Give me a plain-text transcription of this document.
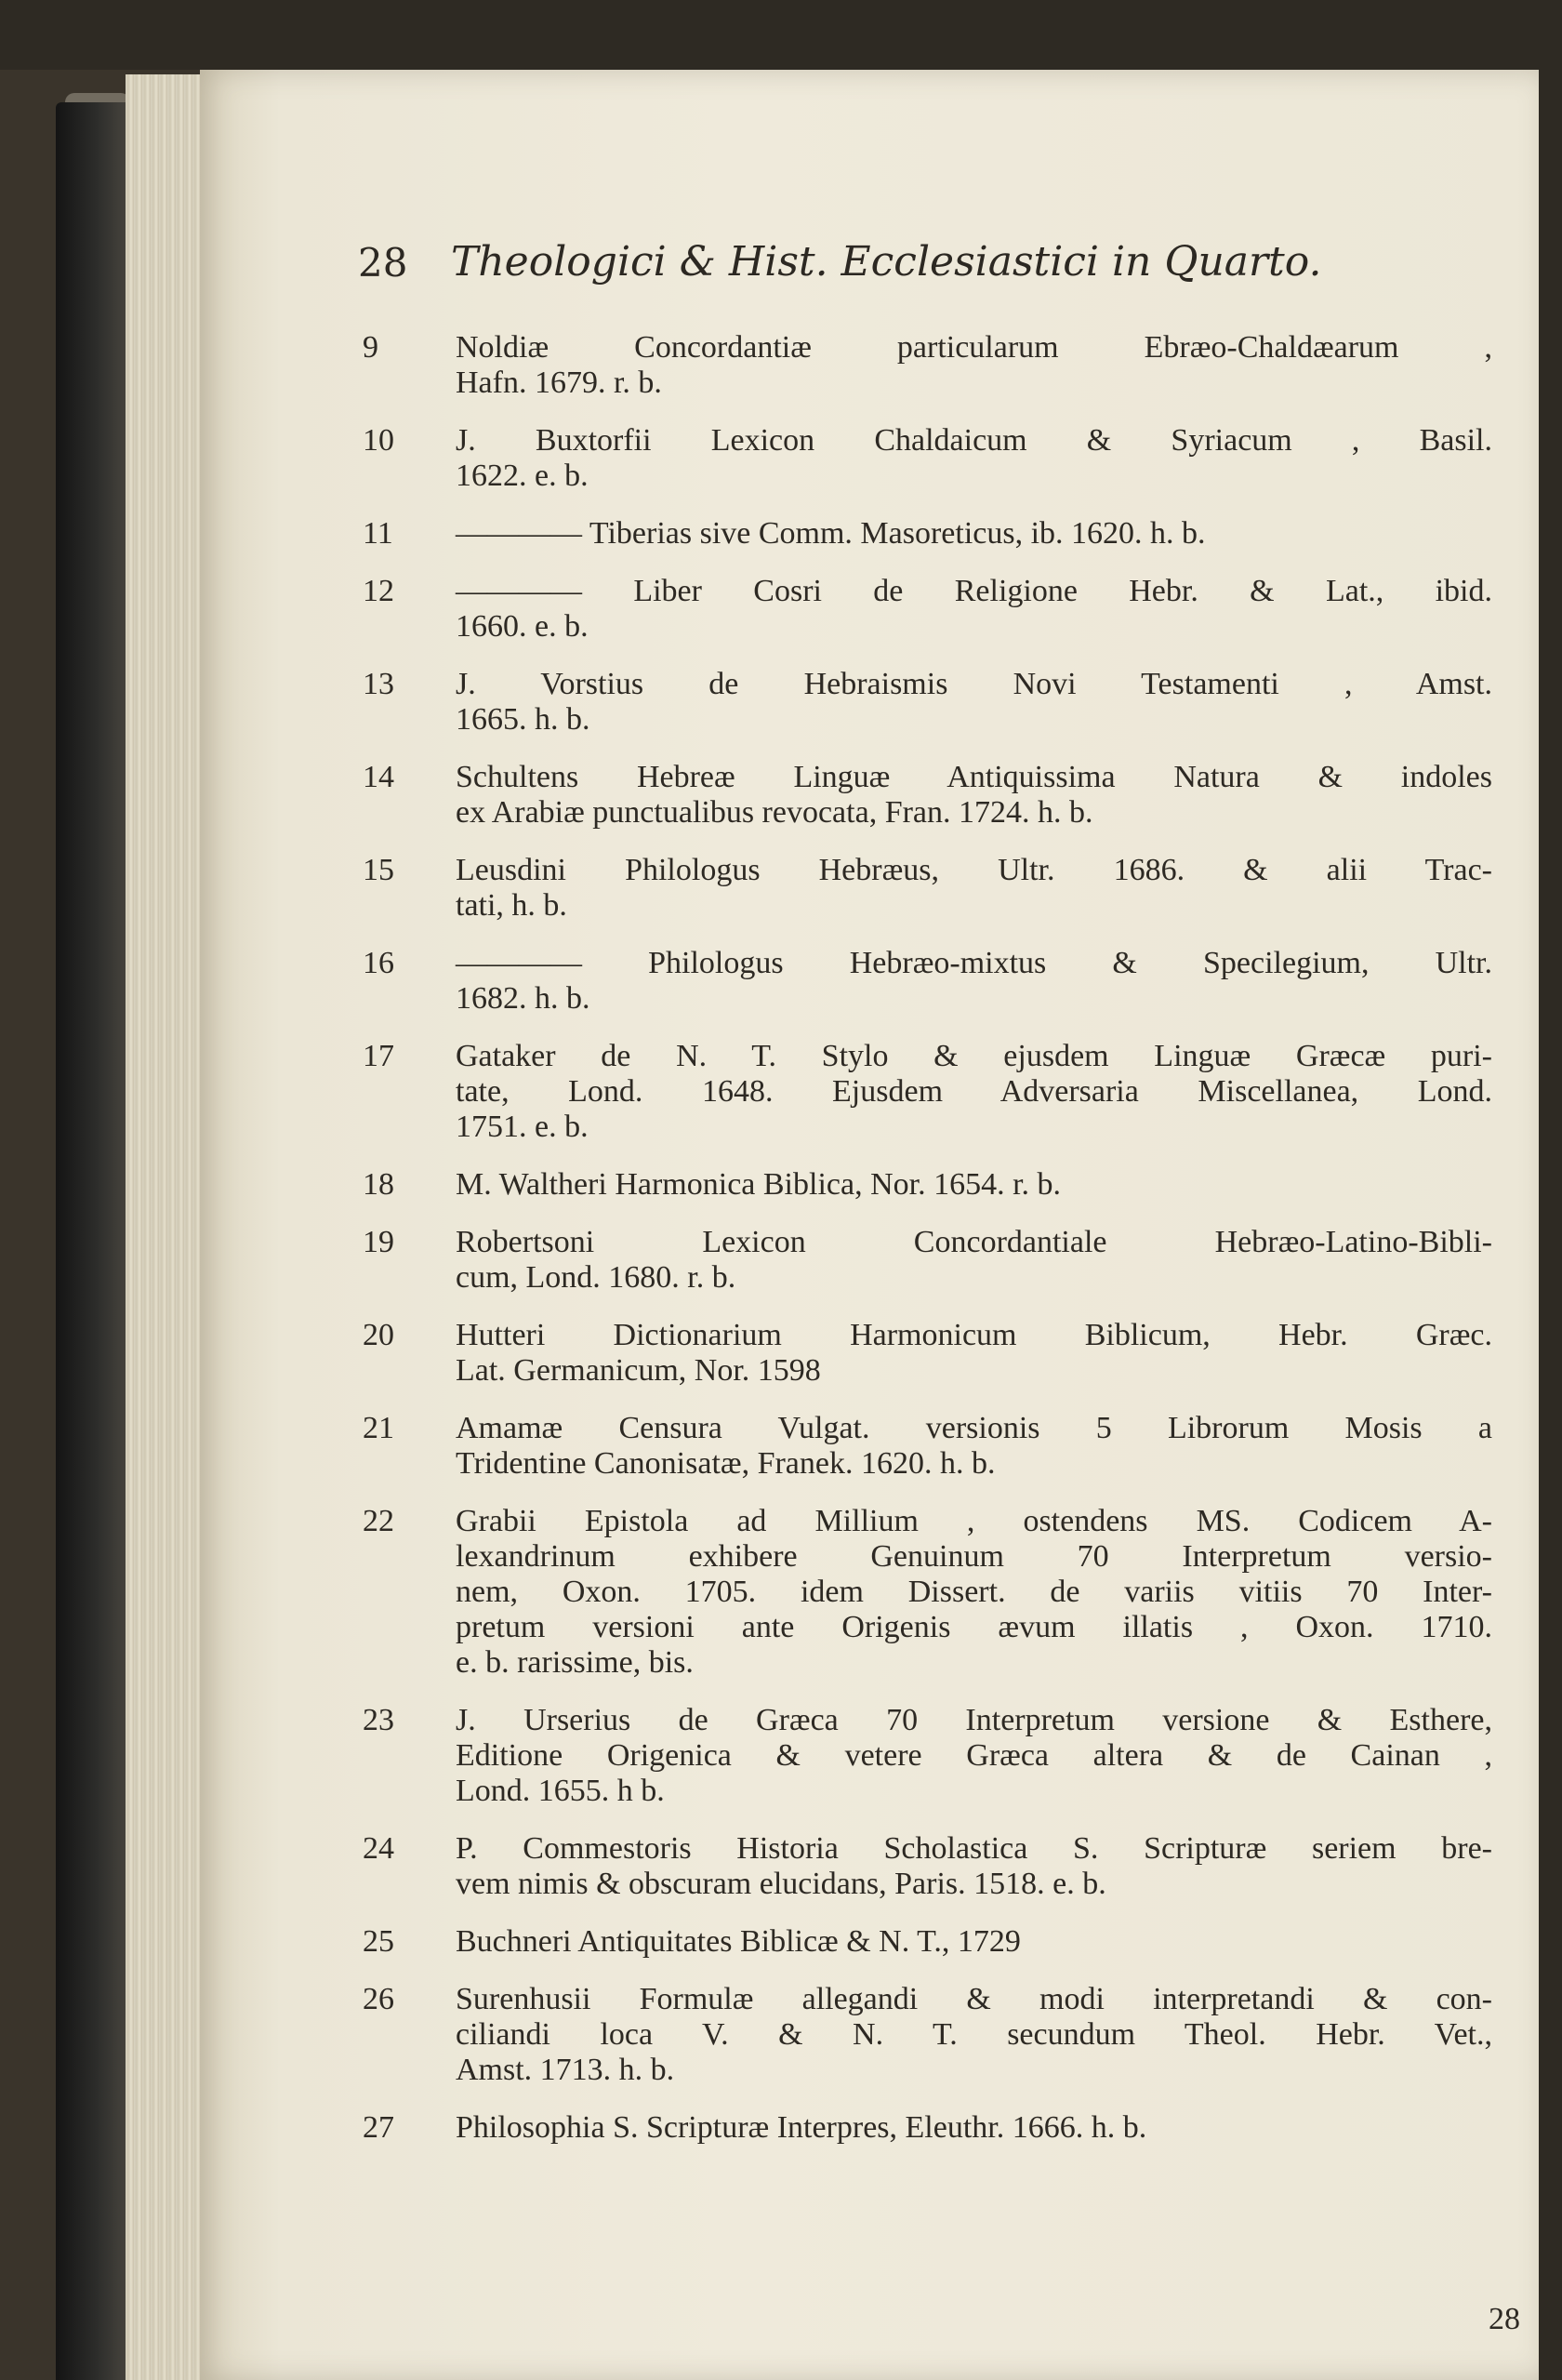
28 Theologici & Hist. Ecclesiastici in Quarto.
9	Noldiæ Concordantiæ particularum Ebræo-Chaldæarum ,
Hafn. 1679. r. b.
10	J. Buxtorfii Lexicon Chaldaicum & Syriacum , Basil.
1622. e. b.
11	———— Tiberias sive Comm. Masoreticus, ib. 1620. h. b.
12	———— Liber Cosri de Religione Hebr. & Lat., ibid.
1660. e. b.
13	J. Vorstius de Hebraismis Novi Testamenti , Amst.
1665. h. b.
14	Schultens Hebreæ Linguæ Antiquissima Natura & indoles
ex Arabiæ punctualibus revocata, Fran. 1724. h. b.
15	Leusdini Philologus Hebræus, Ultr. 1686. & alii Trac-
tati, h. b.
16	———— Philologus Hebræo-mixtus & Specilegium, Ultr.
1682. h. b.
17	Gataker de N. T. Stylo & ejusdem Linguæ Græcæ puri-
tate, Lond. 1648. Ejusdem Adversaria Miscellanea, Lond.
1751. e. b.
18	M. Waltheri Harmonica Biblica, Nor. 1654. r. b.
19	Robertsoni Lexicon Concordantiale Hebræo-Latino-Bibli-
cum, Lond. 1680. r. b.
20	Hutteri Dictionarium Harmonicum Biblicum, Hebr. Græc.
Lat. Germanicum, Nor. 1598
21	Amamæ Censura Vulgat. versionis 5 Librorum Mosis a
Tridentine Canonisatæ, Franek. 1620. h. b.
22	Grabii Epistola ad Millium , ostendens MS. Codicem A-
lexandrinum exhibere Genuinum 70 Interpretum versio-
nem, Oxon. 1705. idem Dissert. de variis vitiis 70 Inter-
pretum versioni ante Origenis ævum illatis , Oxon. 1710.
e. b. rarissime, bis.
23	J. Urserius de Græca 70 Interpretum versione & Esthere,
Editione Origenica & vetere Græca altera & de Cainan ,
Lond. 1655. h b.
24	P. Commestoris Historia Scholastica S. Scripturæ seriem bre-
vem nimis & obscuram elucidans, Paris. 1518. e. b.
25	Buchneri Antiquitates Biblicæ & N. T., 1729
26	Surenhusii Formulæ allegandi & modi interpretandi & con-
ciliandi loca V. & N. T. secundum Theol. Hebr. Vet.,
Amst. 1713. h. b.
27	Philosophia S. Scripturæ Interpres, Eleuthr. 1666. h. b.
28
